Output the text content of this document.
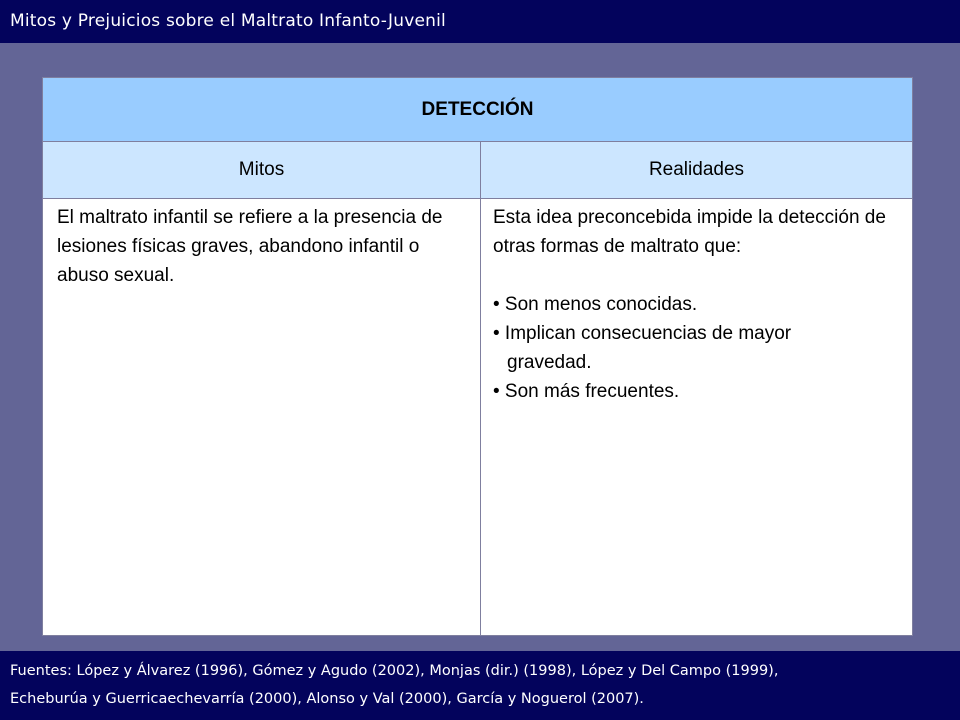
Mitos y Prejuicios sobre el Maltrato Infanto-Juvenil
DETECCIÓN
Mitos	Realidades
El maltrato infantil se refiere a la presencia de lesiones físicas graves, abandono infantil o abuso sexual.
Esta idea preconcebida impide la detección de otras formas de maltrato que:
• Son menos conocidas.
• Implican consecuencias de mayor
gravedad.
• Son más frecuentes.
Fuentes: López y Álvarez (1996), Gómez y Agudo (2002), Monjas (dir.) (1998), López y Del Campo (1999),
Echeburúa y Guerricaechevarría (2000), Alonso y Val (2000), García y Noguerol (2007).
